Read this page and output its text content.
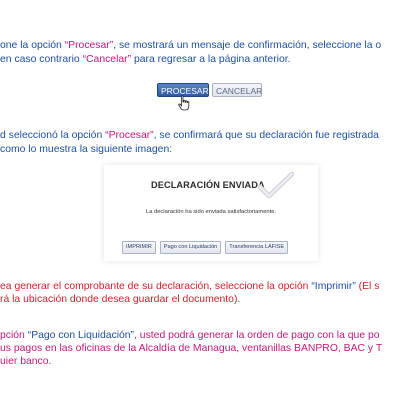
one la opción “Procesar”, se mostrará un mensaje de confirmación, seleccione la o
en caso contrario “Cancelar” para regresar a la página anterior.
PROCESAR CANCELAR
d seleccionó la opción “Procesar”, se confirmará que su declaración fue registrada
como lo muestra la siguiente imagen:
DECLARACIÓN ENVIADA
La declaración ha sido enviada satisfactoriamente.
IMPRIMIR	Pago con Liquidación	Transferencia LAFISE
ea generar el comprobante de su declaración, seleccione la opción “Imprimir” (El s
rá la ubicación donde desea guardar el documento).
pción “Pago con Liquidación”, usted podrá generar la orden de pago con la que po
us pagos en las oficinas de la Alcaldía de Managua, ventanillas BANPRO, BAC y T
uier banco.
